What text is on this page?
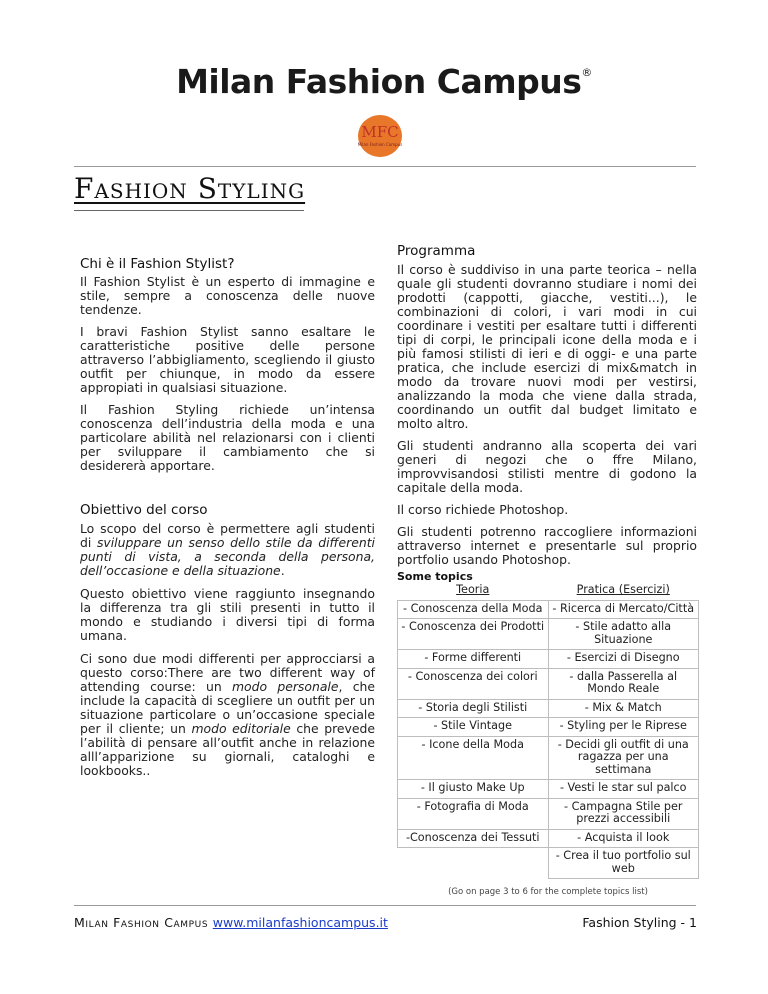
Milan Fashion Campus®
MFC
Milan Fashion Campus
Fashion Styling
Chi è il Fashion Stylist?

Il Fashion Stylist è un esperto di immagine e stile, sempre a conoscenza delle nuove tendenze.

I bravi Fashion Stylist sanno esaltare le caratteristiche positive delle persone attraverso l’abbigliamento, scegliendo il giusto outfit per chiunque, in modo da essere appropiati in qualsiasi situazione.

Il Fashion Styling richiede un’intensa conoscenza dell’industria della moda e una particolare abilità nel relazionarsi con i clienti per sviluppare il cambiamento che si desidererà apportare.

Obiettivo del corso

Lo scopo del corso è permettere agli studenti di sviluppare un senso dello stile da differenti punti di vista, a seconda della persona, dell’occasione e della situazione.

Questo obiettivo viene raggiunto insegnando la differenza tra gli stili presenti in tutto il mondo e studiando i diversi tipi di forma umana.

Ci sono due modi differenti per approcciarsi a questo corso:There are two different way of attending course: un modo personale, che include la capacità di scegliere un outfit per un situazione particolare o un’occasione speciale per il cliente; un modo editoriale che prevede l’abilità di pensare all’outfit anche in relazione alll’apparizione su giornali, cataloghi e lookbooks..

Programma

Il corso è suddiviso in una parte teorica – nella quale gli studenti dovranno studiare i nomi dei prodotti (cappotti, giacche, vestiti...), le combinazioni di colori, i vari modi in cui coordinare i vestiti per esaltare tutti i differenti tipi di corpi, le principali icone della moda e i più famosi stilisti di ieri e di oggi- e una parte pratica, che include esercizi di mix&match in modo da trovare nuovi modi per vestirsi, analizzando la moda che viene dalla strada, coordinando un outfit dal budget limitato e molto altro.

Gli studenti andranno alla scoperta dei vari generi di negozi che o ffre Milano, improvvisandosi stilisti mentre di godono la capitale della moda.

Il corso richiede Photoshop.

Gli studenti potrenno raccogliere informazioni attraverso internet e presentarle sul proprio portfolio usando Photoshop.

Some topics
Teoria	Pratica (Esercizi)
- Conoscenza della Moda	- Ricerca di Mercato/Città
- Conoscenza dei Prodotti	- Stile adatto alla Situazione
- Forme differenti	- Esercizi di Disegno
- Conoscenza dei colori	- dalla Passerella al Mondo Reale
- Storia degli Stilisti	- Mix & Match
- Stile Vintage	- Styling per le Riprese
- Icone della Moda	- Decidi gli outfit di una ragazza per una settimana
- Il giusto Make Up	- Vesti le star sul palco
- Fotografia di Moda	- Campagna Stile per prezzi accessibili
-Conoscenza dei Tessuti	- Acquista il look
	- Crea il tuo portfolio sul web
(Go on page 3 to 6 for the complete topics list)
Milan Fashion Campus www.milanfashioncampus.it	Fashion Styling - 1
